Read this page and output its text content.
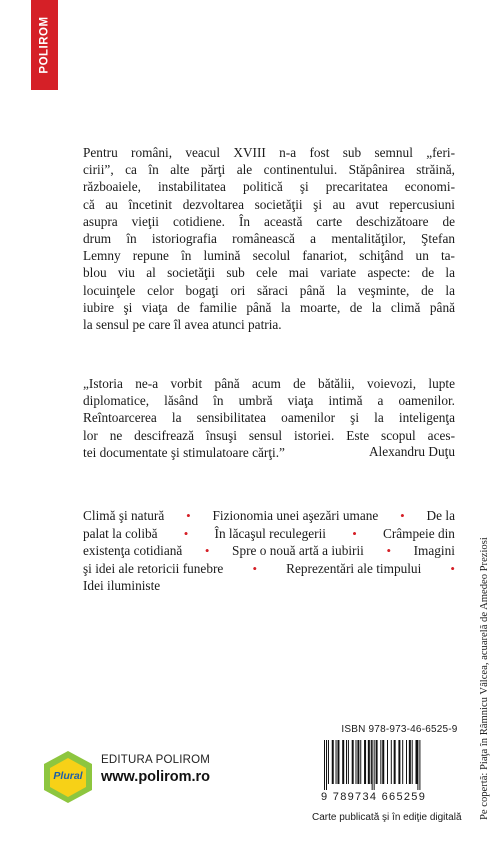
POLIROM

Pentru români, veacul XVIII n-a fost sub semnul „feri-

cirii”, ca în alte părţi ale continentului. Stăpânirea străină,

războaiele, instabilitatea politică şi precaritatea economi-

că au încetinit dezvoltarea societăţii şi au avut repercusiuni

asupra vieţii cotidiene. În această carte deschizătoare de

drum în istoriografia românească a mentalităţilor, Ştefan

Lemny repune în lumină secolul fanariot, schiţând un ta-

blou viu al societăţii sub cele mai variate aspecte: de la

locuinţele celor bogaţi ori săraci până la veşminte, de la

iubire şi viaţa de familie până la moarte, de la climă până

la sensul pe care îl avea atunci patria.

„Istoria ne-a vorbit până acum de bătălii, voievozi, lupte

diplomatice, lăsând în umbră viaţa intimă a oamenilor.

Reîntoarcerea la sensibilitatea oamenilor şi la inteligenţa

lor ne descifrează însuşi sensul istoriei. Este scopul aces-

tei documentate şi stimulatoare cărţi.”	Alexandru Duţu
Climă şi natură • Fizionomia unei aşezări umane • De la
palat la colibă • În lăcaşul reculegerii • Crâmpeie din
existenţa cotidiană • Spre o nouă artă a iubirii • Imagini
şi idei ale retoricii funebre • Reprezentări ale timpului •
Idei iluministe	Pe copertă: Piaţa în Râmnicu Vâlcea, acuarelă de Amedeo Preziosi
ISBN 978-973-46-6525-9
9 789734 665259
Carte publicată şi în ediţie digitală
Plural
EDITURA POLIROM
www.polirom.ro
